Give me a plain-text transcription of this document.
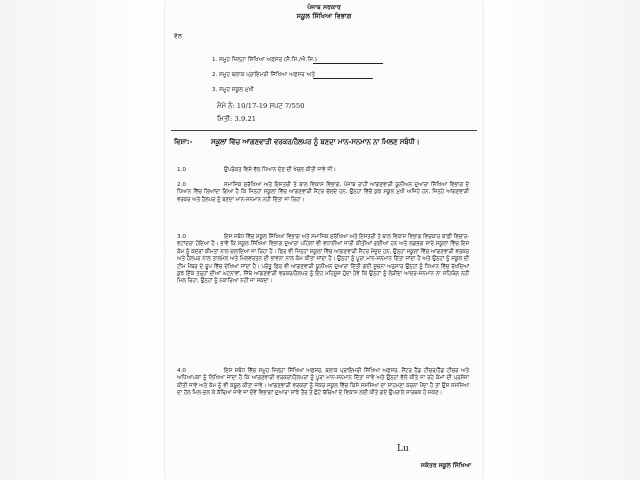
ਪੰਜਾਬ ਸਰਕਾਰ
ਸਕੂਲ ਸਿੱਖਿਆ ਵਿਭਾਗ
ਵੱਲ
1. ਸਮੂਹ ਜ਼ਿਲ੍ਹਾ ਸਿੱਖਿਆ ਅਫ਼ਸਰ (ਸੈ.ਸਿ./ਐ.ਸਿ.)
2. ਸਮੂਹ ਬਲਾਕ ਪ੍ਰਾਇਮਰੀ ਸਿੱਖਿਆ ਅਫ਼ਸਰ ਅਤੇ
3. ਸਮੂਹ ਸਕੂਲ ਮੁਖੀ
ਮੈਮੋ ਨੰ: 10/17-19 ਸਪਟ 7/550
ਮਿਤੀ: 3.9.21
ਵਿਸ਼ਾ:-	ਸਕੂਲਾਂ ਵਿੱਚ ਆਂਗਣਵਾੜੀ ਵਰਕਰ/ਹੈਲਪਰ ਨੂੰ ਬਣਦਾ ਮਾਨ-ਸਨਮਾਨ ਨਾ ਮਿਲਣ ਸਬੰਧੀ।
1.0	ਉਪਰੋਕਤ ਵਿਸ਼ੇ ਵੱਲ ਧਿਆਨ ਦੇਣ ਦੀ ਖੇਚਲ ਕੀਤੀ ਜਾਵੇ ਜੀ।
2.0	ਸਮਾਜਿਕ ਸੁਰੱਖਿਆ ਅਤੇ ਇਸਤਰੀ ਤੇ ਬਾਲ ਵਿਕਾਸ ਵਿਭਾਗ, ਪੰਜਾਬ ਰਾਹੀਂ ਆਂਗਣਵਾੜੀ ਯੂਨੀਅਨ ਦੁਆਰਾ ਸਿੱਖਿਆ ਵਿਭਾਗ ਦੇ ਧਿਆਨ ਵਿੱਚ ਲਿਆਂਦਾ ਗਿਆ ਹੈ ਕਿ ਜਿਨ੍ਹਾਂ ਸਕੂਲਾਂ ਵਿੱਚ ਆਂਗਣਵਾੜੀ ਸੈਂਟਰ ਚੱਲਦੇ ਹਨ, ਉਨ੍ਹਾਂ ਵਿੱਚੋਂ ਕੁਝ ਸਕੂਲ ਮੁਖੀ ਅਜਿਹੇ ਹਨ, ਜਿਨ੍ਹੇ ਆਂਗਣਵਾੜੀ ਵਰਕਰ ਅਤੇ ਹੈਲਪਰ ਨੂੰ ਬਣਦਾ ਮਾਨ-ਸਨਮਾਨ ਨਹੀਂ ਦਿੱਤਾ ਜਾ ਰਿਹਾ।
3.0	ਇਸ ਸਬੰਧ ਵਿੱਚ ਸਕੂਲ ਸਿੱਖਿਆ ਵਿਭਾਗ ਅਤੇ ਸਮਾਜਿਕ ਸੁਰੱਖਿਆ ਅਤੇ ਇਸਤਰੀ ਤੇ ਬਾਲ ਵਿਕਾਸ ਵਿਭਾਗ ਵਿਚਕਾਰ ਕਾਫ਼ੀ ਵਿਚਾਰ-ਵਟਾਂਦਰਾ ਹੋਇਆ ਹੈ। ਭਾਵੇਂ ਕਿ ਸਕੂਲ ਸਿੱਖਿਆ ਵਿਭਾਗ ਦੁਆਰਾ ਪਹਿਲਾਂ ਵੀ ਵਧਾਈਆਂ ਜਾਰੀ ਕੀਤੀਆਂ ਗਈਆਂ ਹਨ ਅਤੇ ਲਗਭਗ ਸਾਰੇ ਸਕੂਲਾਂ ਵਿੱਚ ਇਸ ਕੰਮ ਨੂੰ ਕਦਰਾਂ ਕੀਮਤਾਂ ਨਾਲ ਚਲਾਇਆ ਜਾ ਰਿਹਾ ਹੈ। ਫਿਰ ਵੀ ਜਿਨ੍ਹਾਂ ਸਕੂਲਾਂ ਵਿੱਚ ਆਂਗਣਵਾੜੀ ਸੈਂਟਰ ਮੌਜੂਦ ਹਨ, ਉਨ੍ਹਾਂ ਸਕੂਲਾਂ ਵਿੱਚ ਆਂਗਣਵਾੜੀ ਵਰਕਰ ਅਤੇ ਹੈਲਪਰ ਨਾਲ ਤਾਲਮੇਲ ਅਤੇ ਮਿਲਵਰਤਨ ਦੀ ਭਾਵਨਾ ਨਾਲ ਕੰਮ ਕੀਤਾ ਜਾਂਦਾ ਹੈ। ਉਨ੍ਹਾਂ ਨੂੰ ਪੂਰਾ ਮਾਨ-ਸਨਮਾਨ ਦਿੱਤਾ ਜਾਂਦਾ ਹੈ ਅਤੇ ਉਨ੍ਹਾਂ ਨੂੰ ਸਕੂਲ ਦੀ ਟੀਮ ਮੈਂਬਰ ਦੇ ਰੂਪ ਵਿੱਚ ਦੇਖਿਆ ਜਾਂਦਾ ਹੈ। ਪਰੰਤੂ ਫਿਰ ਵੀ ਆਂਗਣਵਾੜੀ ਯੂਨੀਅਨ ਦੁਆਰਾ ਦਿੱਤੀ ਗਈ ਸੂਚਨਾ ਅਨੁਸਾਰ ਉਨ੍ਹਾਂ ਨੂੰ ਧਿਆਨ ਵਿੱਚ ਰੱਖਦਿਆਂ ਕੁਝ ਇੱਕ ਤਰ੍ਹਾਂ ਦੀਆਂ ਘਟਨਾਵਾਂ, ਜਿੱਥੇ ਆਂਗਣਵਾੜੀ ਵਰਕਰ/ਹੈਲਪਰ ਨੂੰ ਇਹ ਮਹਿਸੂਸ ਹੁੰਦਾ ਹੋਵੇ ਕਿ ਉਨ੍ਹਾਂ ਨੂੰ ਲੋੜੀਂਦਾ ਆਦਰ-ਸਨਮਾਨ ਨਾ ਸਹਿਯੋਗ ਨਹੀਂ ਮਿਲ ਰਿਹਾ, ਉਨ੍ਹਾਂ ਨੂੰ ਨਕਾਰਿਆ ਨਹੀਂ ਜਾ ਸਕਦਾ।
4.0	ਇਸ ਸਬੰਧ ਵਿੱਚ ਸਮੂਹ ਜ਼ਿਲ੍ਹਾ ਸਿੱਖਿਆ ਅਫ਼ਸਰ, ਬਲਾਕ ਪ੍ਰਾਇਮਰੀ ਸਿੱਖਿਆ ਅਫ਼ਸਰ, ਸੈਂਟਰ ਹੈੱਡ ਟੀਚਰ/ਹੈੱਡ ਟੀਚਰ ਅਤੇ ਅਧਿਆਪਕਾਂ ਨੂੰ ਲਿਖਿਆ ਜਾਂਦਾ ਹੈ ਕਿ ਆਂਗਣਵਾੜੀ ਵਰਕਰਾਂ/ਹੈਲਪਰਾਂ ਨੂੰ ਪੂਰਾ ਮਾਨ-ਸਨਮਾਨ ਦਿੱਤਾ ਜਾਵੇ ਅਤੇ ਉਨ੍ਹਾਂ ਵੱਲੋਂ ਕੀਤੇ ਜਾ ਰਹੇ ਕੰਮਾਂ ਦੀ ਪ੍ਰਸ਼ੰਸਾ ਕੀਤੀ ਜਾਵੇ ਅਤੇ ਕੰਮ ਨੂੰ ਵੀ ਕਬੂਲ ਕੀਤਾ ਜਾਵੇ। ਆਂਗਣਵਾੜੀ ਵਰਕਰਾਂ ਨੂੰ ਜੇਕਰ ਸਕੂਲ ਵਿੱਚ ਕਿਸੇ ਸਮੱਸਿਆ ਦਾ ਸਾਹਮਣਾ ਕਰਨਾ ਪੈਂਦਾ ਹੈ ਤਾਂ ਉਸ ਸਮੱਸਿਆ ਦਾ ਹੱਲ ਮਿਲ-ਜੁਲ ਕੇ ਕੱਢਿਆ ਜਾਵੇ ਜਾਂ ਦੋਵੇਂ ਵਿਭਾਗਾਂ ਦੁਆਰਾ ਸਾਂਝੇ ਤੌਰ ਤੇ ਛੋਟੇ ਬੱਚਿਆਂ ਦੇ ਵਿਕਾਸ ਲਈ ਕੀਤੇ ਗਏ ਉਪਰਾਲੇ ਸਾਰਥਕ ਹੋ ਸਕਣ।
Lu
ਸਕੱਤਰ ਸਕੂਲ ਸਿੱਖਿਆ
